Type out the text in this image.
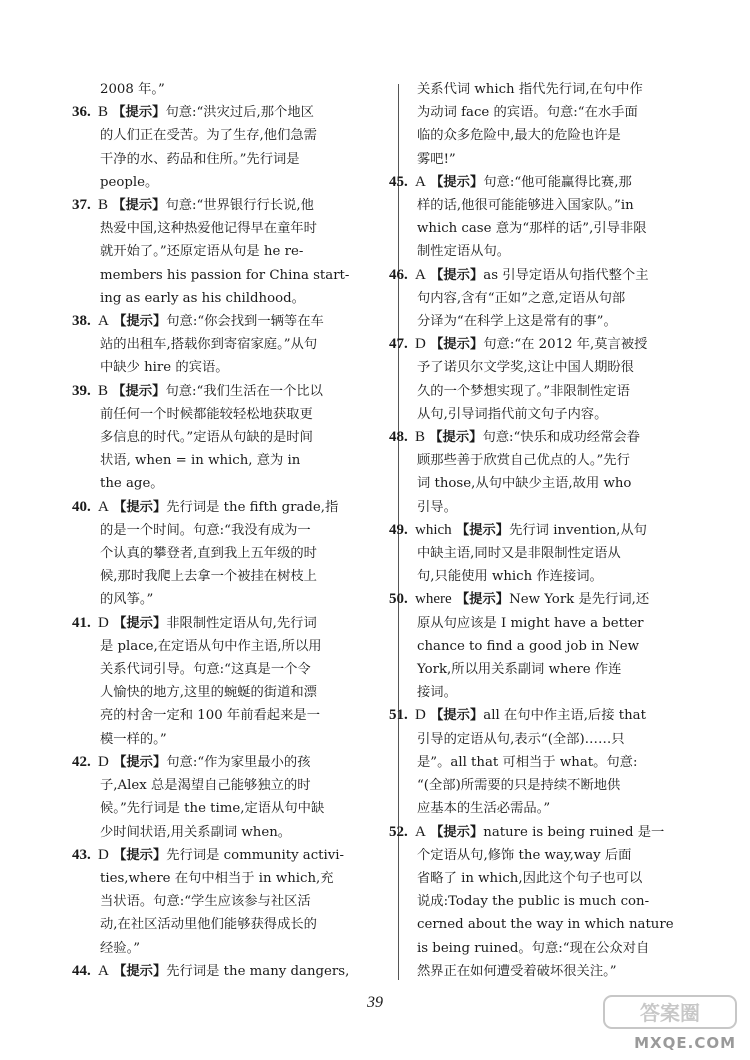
2008 年。”
36. B 【提示】句意:“洪灾过后,那个地区
的人们正在受苦。为了生存,他们急需
干净的水、药品和住所。”先行词是
people。
37. B 【提示】句意:“世界银行行长说,他
热爱中国,这种热爱他记得早在童年时
就开始了。”还原定语从句是 he re-
members his passion for China start-
ing as early as his childhood。
38. A 【提示】句意:“你会找到一辆等在车
站的出租车,搭载你到寄宿家庭。”从句
中缺少 hire 的宾语。
39. B 【提示】句意:“我们生活在一个比以
前任何一个时候都能较轻松地获取更
多信息的时代。”定语从句缺的是时间
状语, when = in which, 意为 in
the age。
40. A 【提示】先行词是 the fifth grade,指
的是一个时间。句意:“我没有成为一
个认真的攀登者,直到我上五年级的时
候,那时我爬上去拿一个被挂在树枝上
的风筝。”
41. D 【提示】非限制性定语从句,先行词
是 place,在定语从句中作主语,所以用
关系代词引导。句意:“这真是一个令
人愉快的地方,这里的蜿蜒的街道和漂
亮的村舍一定和 100 年前看起来是一
模一样的。”
42. D 【提示】句意:“作为家里最小的孩
子,Alex 总是渴望自己能够独立的时
候。”先行词是 the time,定语从句中缺
少时间状语,用关系副词 when。
43. D 【提示】先行词是 community activi-
ties,where 在句中相当于 in which,充
当状语。句意:“学生应该参与社区活
动,在社区活动里他们能够获得成长的
经验。”
44. A 【提示】先行词是 the many dangers,
关系代词 which 指代先行词,在句中作
为动词 face 的宾语。句意:“在水手面
临的众多危险中,最大的危险也许是
雾吧!”
45. A 【提示】句意:“他可能赢得比赛,那
样的话,他很可能能够进入国家队。”in
which case 意为“那样的话”,引导非限
制性定语从句。
46. A 【提示】as 引导定语从句指代整个主
句内容,含有“正如”之意,定语从句部
分译为“在科学上这是常有的事”。
47. D 【提示】句意:“在 2012 年,莫言被授
予了诺贝尔文学奖,这让中国人期盼很
久的一个梦想实现了。”非限制性定语
从句,引导词指代前文句子内容。
48. B 【提示】句意:“快乐和成功经常会眷
顾那些善于欣赏自己优点的人。”先行
词 those,从句中缺少主语,故用 who
引导。
49. which 【提示】先行词 invention,从句
中缺主语,同时又是非限制性定语从
句,只能使用 which 作连接词。
50. where 【提示】New York 是先行词,还
原从句应该是 I might have a better
chance to find a good job in New
York,所以用关系副词 where 作连
接词。
51. D 【提示】all 在句中作主语,后接 that
引导的定语从句,表示“(全部)……只
是”。all that 可相当于 what。句意:
“(全部)所需要的只是持续不断地供
应基本的生活必需品。”
52. A 【提示】nature is being ruined 是一
个定语从句,修饰 the way,way 后面
省略了 in which,因此这个句子也可以
说成:Today the public is much con-
cerned about the way in which nature
is being ruined。句意:“现在公众对自
然界正在如何遭受着破坏很关注。”
39	答案圈
MXQE.COM
